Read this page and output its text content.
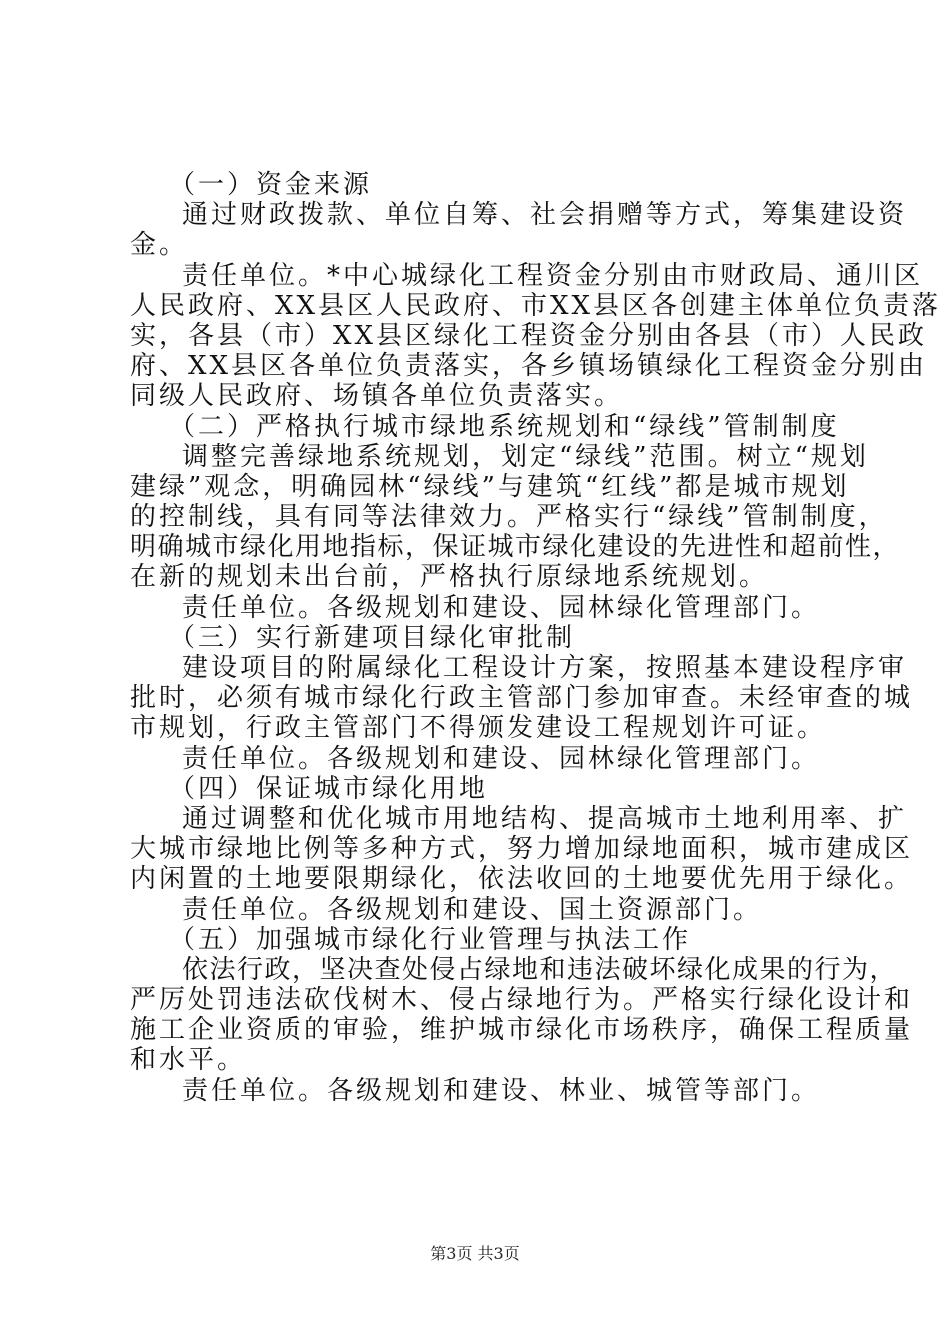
（一）资金来源
通过财政拨款、单位自筹、社会捐赠等方式，筹集建设资
金。
责任单位。*中心城绿化工程资金分别由市财政局、通川区
人民政府、XX县区人民政府、市XX县区各创建主体单位负责落
实，各县（市）XX县区绿化工程资金分别由各县（市）人民政
府、XX县区各单位负责落实，各乡镇场镇绿化工程资金分别由
同级人民政府、场镇各单位负责落实。
（二）严格执行城市绿地系统规划和“绿线”管制制度
调整完善绿地系统规划，划定“绿线”范围。树立“规划
建绿”观念，明确园林“绿线”与建筑“红线”都是城市规划
的控制线，具有同等法律效力。严格实行“绿线”管制制度，
明确城市绿化用地指标，保证城市绿化建设的先进性和超前性，
在新的规划未出台前，严格执行原绿地系统规划。
责任单位。各级规划和建设、园林绿化管理部门。
（三）实行新建项目绿化审批制
建设项目的附属绿化工程设计方案，按照基本建设程序审
批时，必须有城市绿化行政主管部门参加审查。未经审查的城
市规划，行政主管部门不得颁发建设工程规划许可证。
责任单位。各级规划和建设、园林绿化管理部门。
（四）保证城市绿化用地
通过调整和优化城市用地结构、提高城市土地利用率、扩
大城市绿地比例等多种方式，努力增加绿地面积，城市建成区
内闲置的土地要限期绿化，依法收回的土地要优先用于绿化。
责任单位。各级规划和建设、国土资源部门。
（五）加强城市绿化行业管理与执法工作
依法行政，坚决查处侵占绿地和违法破坏绿化成果的行为，
严厉处罚违法砍伐树木、侵占绿地行为。严格实行绿化设计和
施工企业资质的审验，维护城市绿化市场秩序，确保工程质量
和水平。
责任单位。各级规划和建设、林业、城管等部门。
第3页 共3页
